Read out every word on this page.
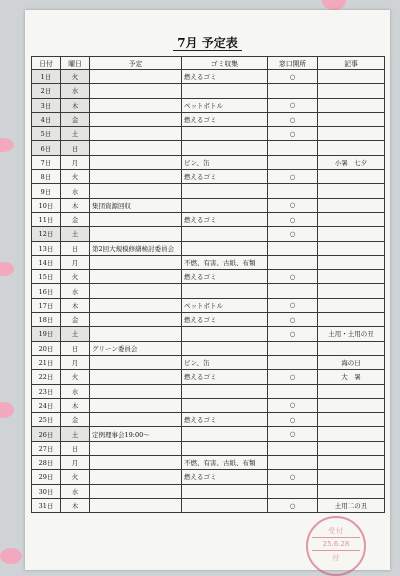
7月 予定表
日付	曜日	予定	ゴミ収集	窓口開所	記事
1日	火		燃えるゴミ	○	
2日	水				
3日	木		ペットボトル	○	
4日	金		燃えるゴミ	○	
5日	土			○	
6日	日				
7日	月		ビン、缶		小暑　七夕
8日	火		燃えるゴミ	○	
9日	水				
10日	木	集団資源回収		○	
11日	金		燃えるゴミ	○	
12日	土			○	
13日	日	第2回大規模修繕検討委員会			
14日	月		不燃、有害、古紙、布類		
15日	火		燃えるゴミ	○	
16日	水				
17日	木		ペットボトル	○	
18日	金		燃えるゴミ	○	
19日	土			○	土用・土用の丑
20日	日	グリーン委員会			
21日	月		ビン、缶		海の日
22日	火		燃えるゴミ	○	大　暑
23日	水				
24日	木			○	
25日	金		燃えるゴミ	○	
26日	土	定例理事会19:00～		○	
27日	日				
28日	月		不燃、有害、古紙、布類		
29日	火		燃えるゴミ	○	
30日	水				
31日	木			○	土用二の丑
受付
25.6.28
付
